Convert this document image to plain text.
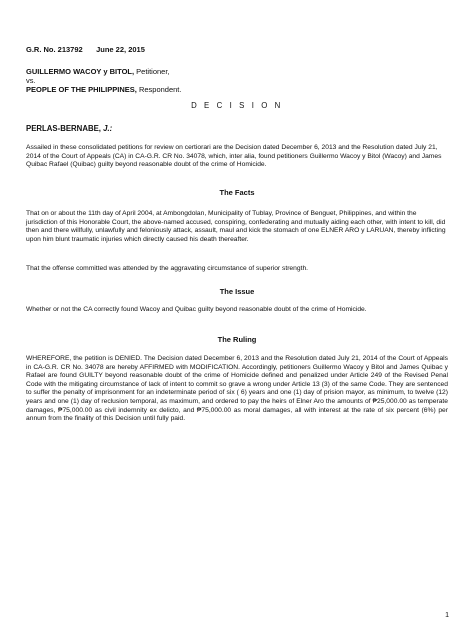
G.R. No. 213792 June 22, 2015
GUILLERMO WACOY y BITOL, Petitioner,
vs.
PEOPLE OF THE PHILIPPINES, Respondent.
D E C I S I O N
PERLAS-BERNABE, J.:

Assailed in these consolidated petitions for review on certiorari are the Decision dated December 6, 2013 and the Resolution dated July 21, 2014 of the Court of Appeals (CA) in CA-G.R. CR No. 34078, which, inter alia, found petitioners Guillermo Wacoy y Bitol (Wacoy) and James Quibac Rafael (Quibac) guilty beyond reasonable doubt of the crime of Homicide.

The Facts

That on or about the 11th day of April 2004, at Ambongdolan, Municipality of Tublay, Province of Benguet, Philippines, and within the jurisdiction of this Honorable Court, the above-named accused, conspiring, confederating and mutually aiding each other, with intent to kill, did then and there willfully, unlawfully and feloniously attack, assault, maul and kick the stomach of one ELNER ARO y LARUAN, thereby inflicting upon him blunt traumatic injuries which directly caused his death thereafter.

That the offense committed was attended by the aggravating circumstance of superior strength.

The Issue

Whether or not the CA correctly found Wacoy and Quibac guilty beyond reasonable doubt of the crime of Homicide.

The Ruling

WHEREFORE, the petition is DENIED. The Decision dated December 6, 2013 and the Resolution dated July 21, 2014 of the Court of Appeals in CA-G.R. CR No. 34078 are hereby AFFIRMED with MODIFICATION. Accordingly, petitioners Guillermo Wacoy y Bitol and James Quibac y Rafael are found GUILTY beyond reasonable doubt of the crime of Homicide defined and penalized under Article 249 of the Revised Penal Code with the mitigating circumstance of lack of intent to commit so grave a wrong under Article 13 (3) of the same Code. They are sentenced to suffer the penalty of imprisonment for an indeterminate period of six ( 6) years and one (1) day of prision mayor, as minimum, to twelve (12) years and one (1) day of reclusion temporal, as maximum, and ordered to pay the heirs of Elner Aro the amounts of ₱25,000.00 as temperate damages, ₱75,000.00 as civil indemnity ex delicto, and ₱75,000.00 as moral damages, all with interest at the rate of six percent (6%) per annum from the finality of this Decision until fully paid.

1
